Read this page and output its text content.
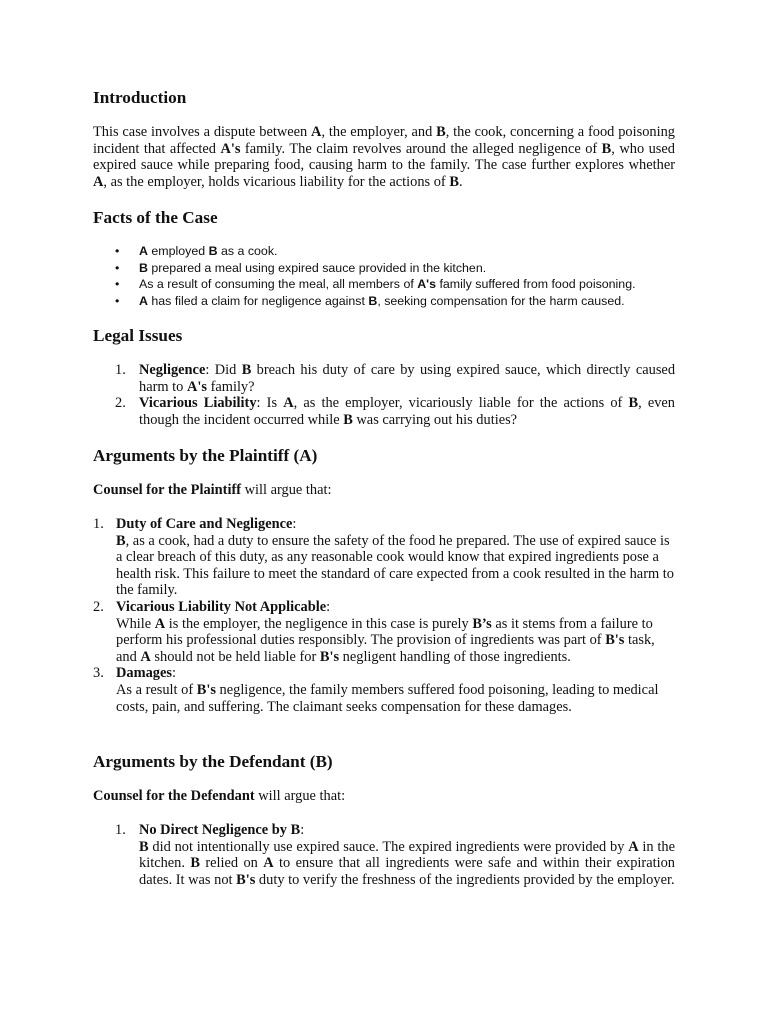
Introduction

This case involves a dispute between A, the employer, and B, the cook, concerning a food poisoning incident that affected A's family. The claim revolves around the alleged negligence of B, who used expired sauce while preparing food, causing harm to the family. The case further explores whether A, as the employer, holds vicarious liability for the actions of B.

Facts of the Case
• A employed B as a cook.
• B prepared a meal using expired sauce provided in the kitchen.
• As a result of consuming the meal, all members of A's family suffered from food poisoning.
• A has filed a claim for negligence against B, seeking compensation for the harm caused.
Legal Issues
1. Negligence: Did B breach his duty of care by using expired sauce, which directly caused harm to A's family?
2. Vicarious Liability: Is A, as the employer, vicariously liable for the actions of B, even though the incident occurred while B was carrying out his duties?
Arguments by the Plaintiff (A)

Counsel for the Plaintiff will argue that:

1. Duty of Care and Negligence:
B, as a cook, had a duty to ensure the safety of the food he prepared. The use of expired sauce is a clear breach of this duty, as any reasonable cook would know that expired ingredients pose a health risk. This failure to meet the standard of care expected from a cook resulted in the harm to the family.
2. Vicarious Liability Not Applicable:
While A is the employer, the negligence in this case is purely B’s as it stems from a failure to perform his professional duties responsibly. The provision of ingredients was part of B's task, and A should not be held liable for B's negligent handling of those ingredients.
3. Damages:
As a result of B's negligence, the family members suffered food poisoning, leading to medical costs, pain, and suffering. The claimant seeks compensation for these damages.
Arguments by the Defendant (B)

Counsel for the Defendant will argue that:

1. No Direct Negligence by B:
B did not intentionally use expired sauce. The expired ingredients were provided by A in the kitchen. B relied on A to ensure that all ingredients were safe and within their expiration dates. It was not B's duty to verify the freshness of the ingredients provided by the employer.
